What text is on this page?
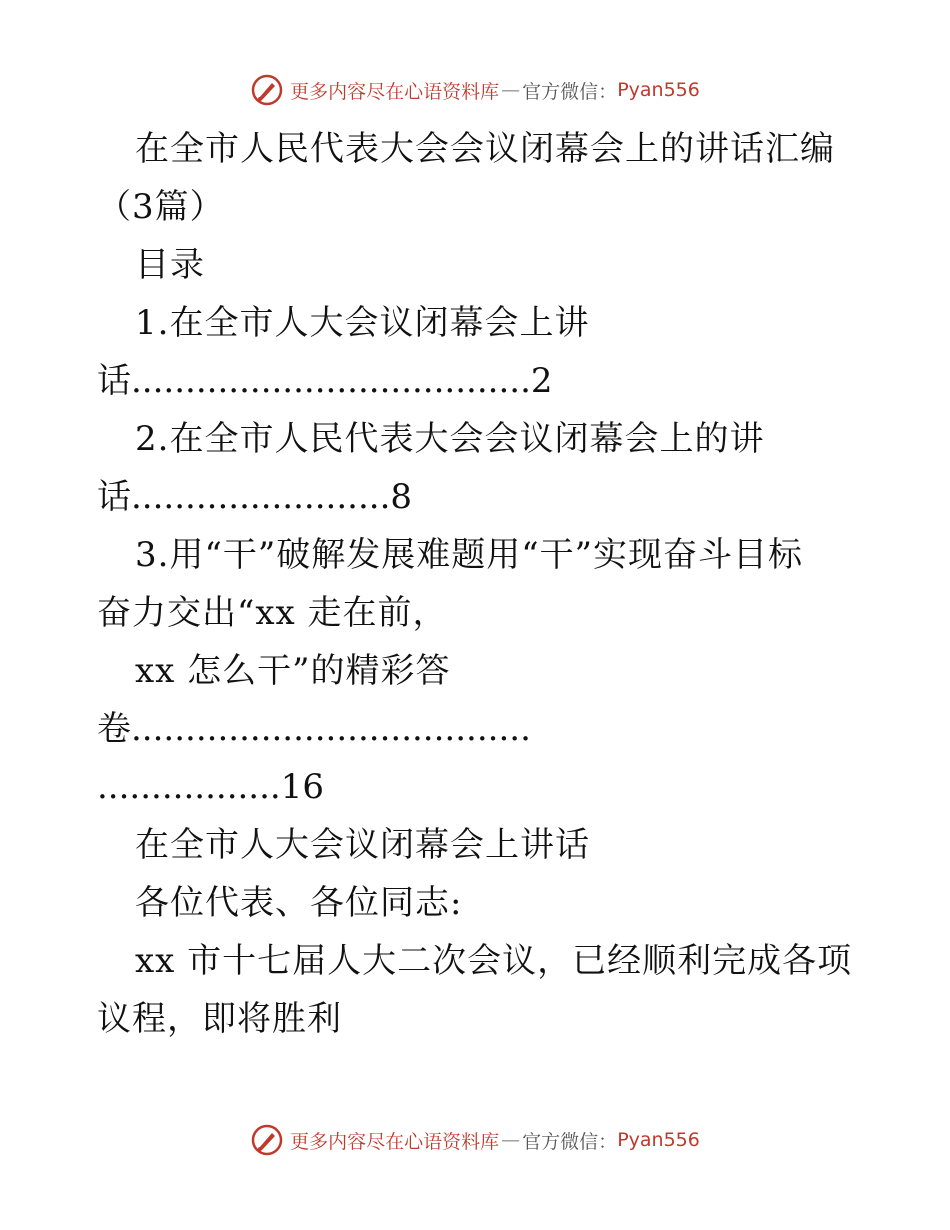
更多内容尽在心语资料库 — 官方微信： Pyan556
在全市人民代表大会会议闭幕会上的讲话汇编
（3篇）
目录
1.在全市人大会议闭幕会上讲
话.....................................2
2.在全市人民代表大会会议闭幕会上的讲
话........................8
3.用“干”破解发展难题用“干”实现奋斗目标
奋力交出“xx 走在前，
xx 怎么干”的精彩答
卷.....................................
.................16
在全市人大会议闭幕会上讲话
各位代表、各位同志:
xx 市十七届人大二次会议，已经顺利完成各项
议程，即将胜利
更多内容尽在心语资料库 — 官方微信： Pyan556
